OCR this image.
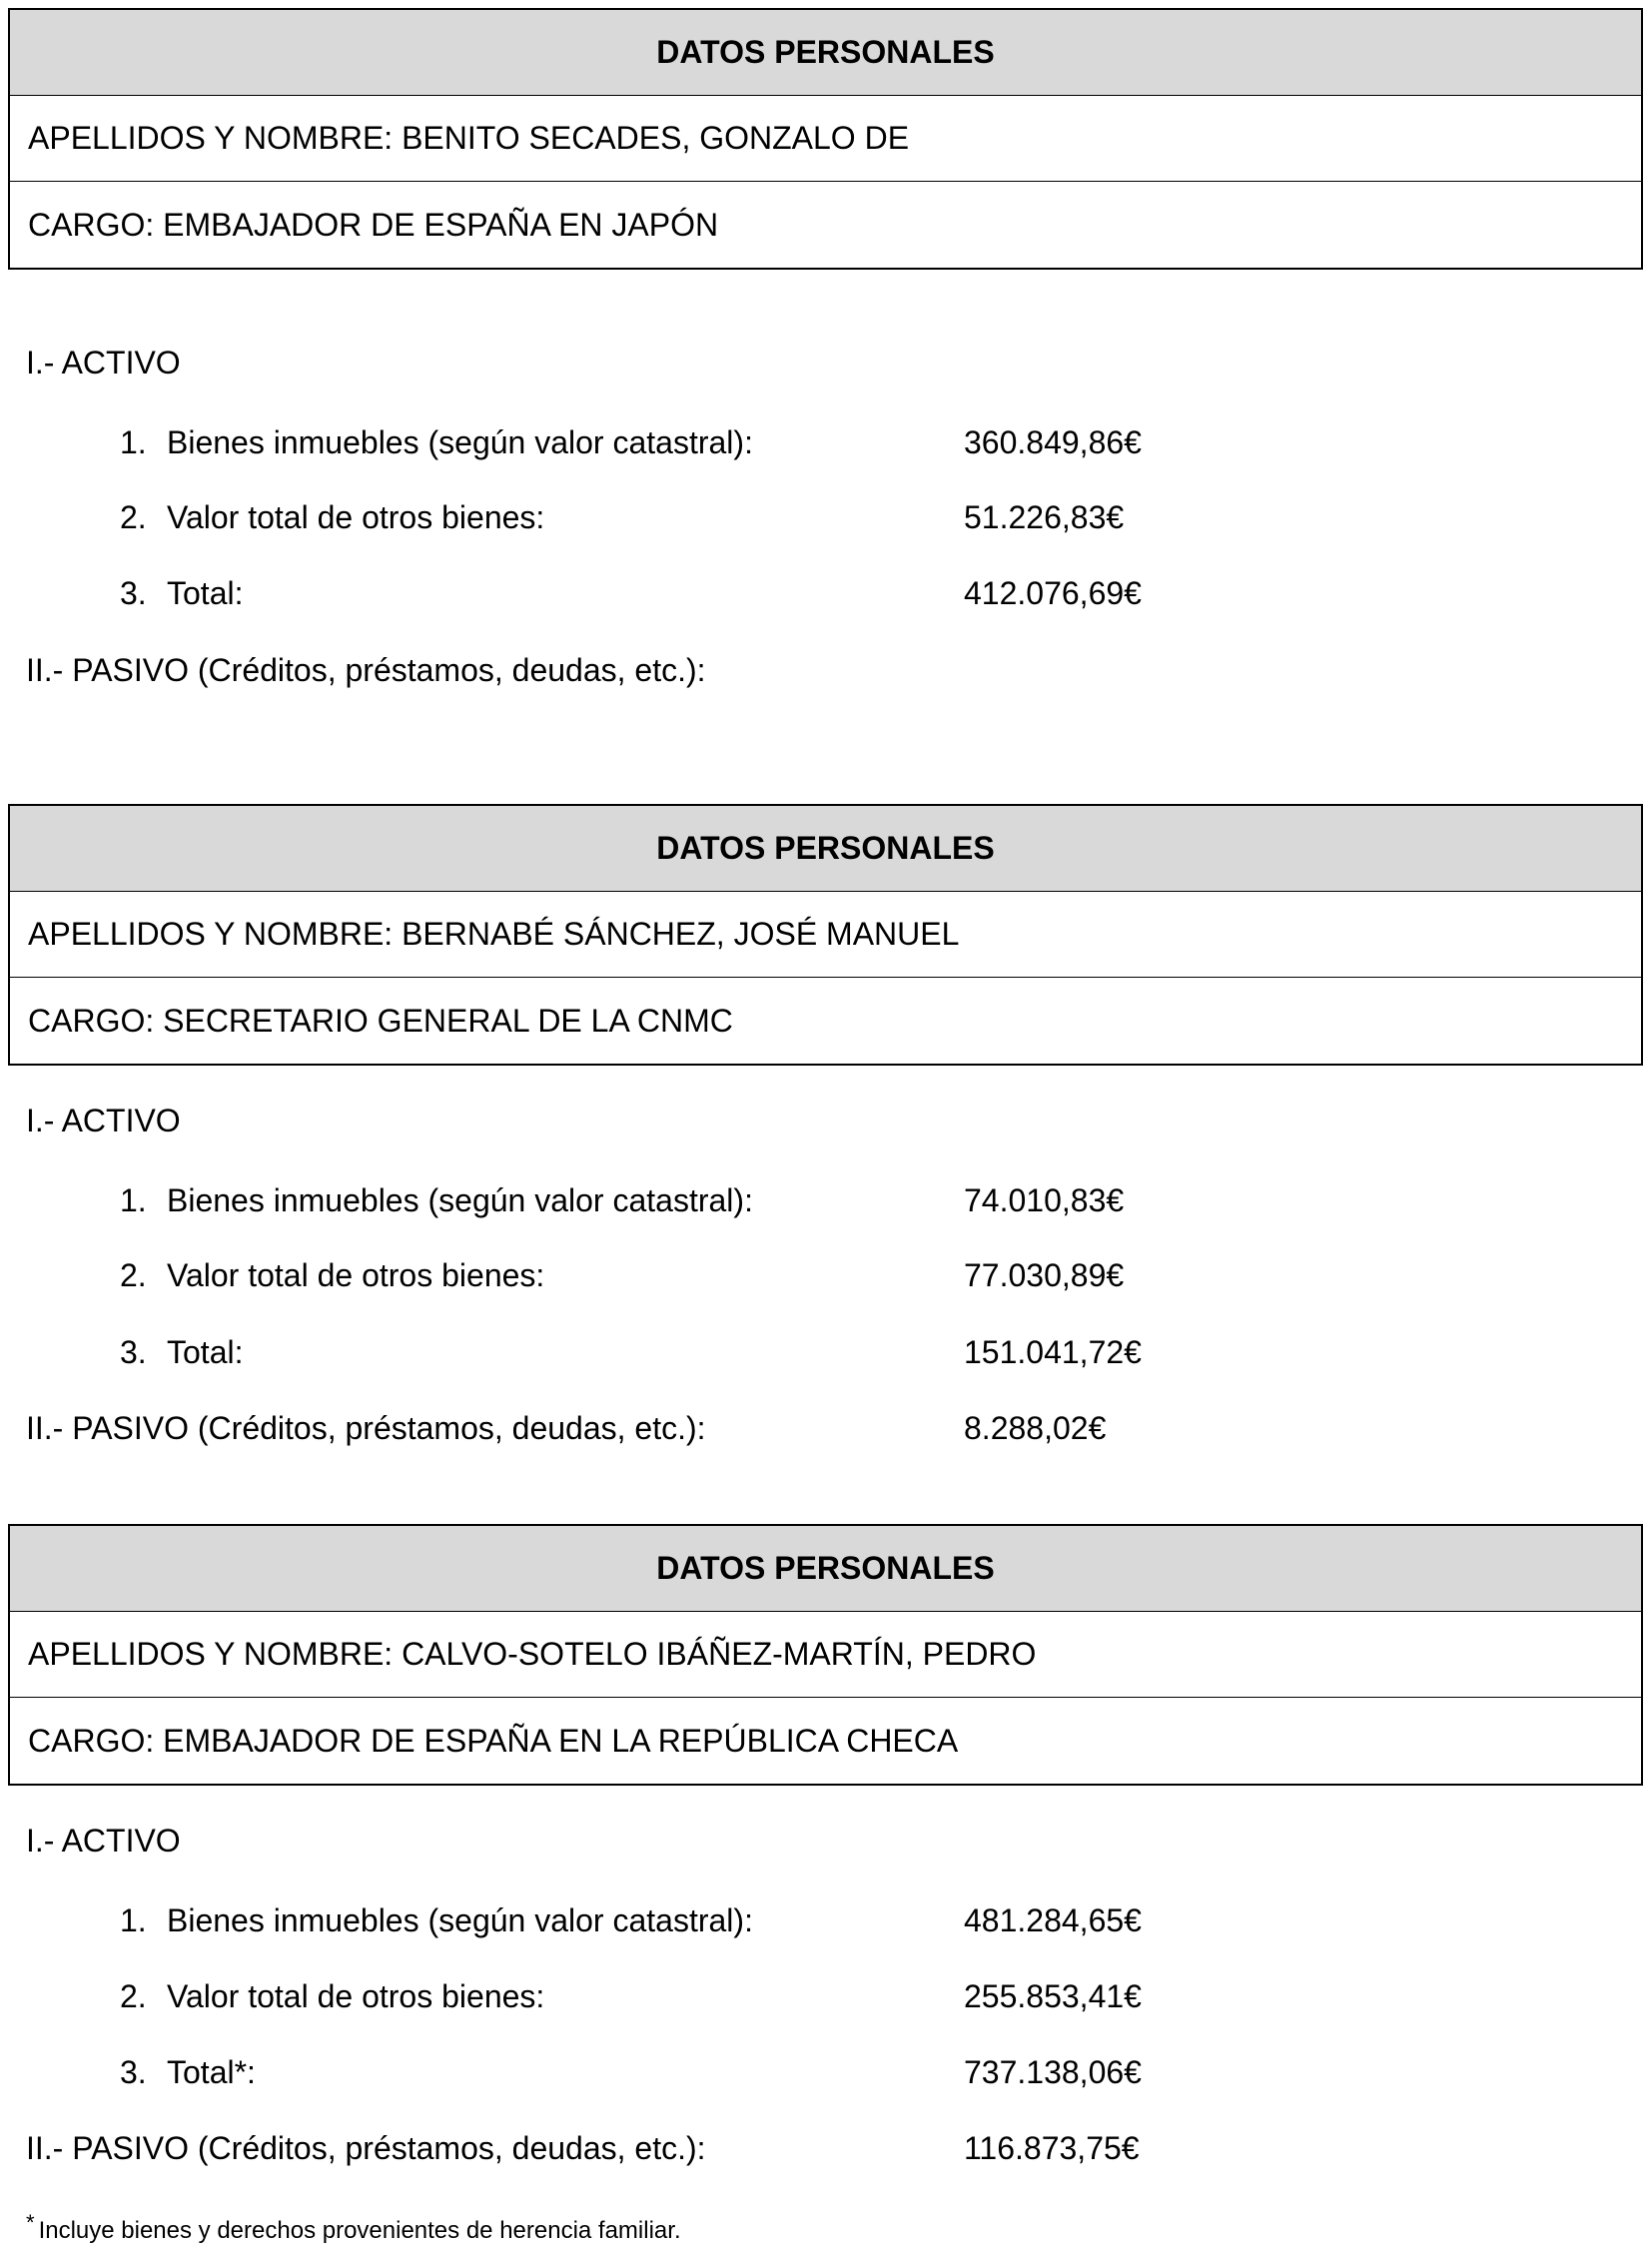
DATOS PERSONALES
APELLIDOS Y NOMBRE: BENITO SECADES, GONZALO DE
CARGO: EMBAJADOR DE ESPAÑA EN JAPÓN
I.- ACTIVO
1. Bienes inmuebles (según valor catastral):	360.849,86€
2. Valor total de otros bienes:	51.226,83€
3. Total:	412.076,69€
II.- PASIVO (Créditos, préstamos, deudas, etc.):
DATOS PERSONALES
APELLIDOS Y NOMBRE: BERNABÉ SÁNCHEZ, JOSÉ MANUEL
CARGO: SECRETARIO GENERAL DE LA CNMC
I.- ACTIVO
1. Bienes inmuebles (según valor catastral):	74.010,83€
2. Valor total de otros bienes:	77.030,89€
3. Total:	151.041,72€
II.- PASIVO (Créditos, préstamos, deudas, etc.):	8.288,02€
DATOS PERSONALES
APELLIDOS Y NOMBRE: CALVO-SOTELO IBÁÑEZ-MARTÍN, PEDRO
CARGO: EMBAJADOR DE ESPAÑA EN LA REPÚBLICA CHECA
I.- ACTIVO
1. Bienes inmuebles (según valor catastral):	481.284,65€
2. Valor total de otros bienes:	255.853,41€
3. Total*:	737.138,06€
II.- PASIVO (Créditos, préstamos, deudas, etc.):	116.873,75€
* Incluye bienes y derechos provenientes de herencia familiar.
